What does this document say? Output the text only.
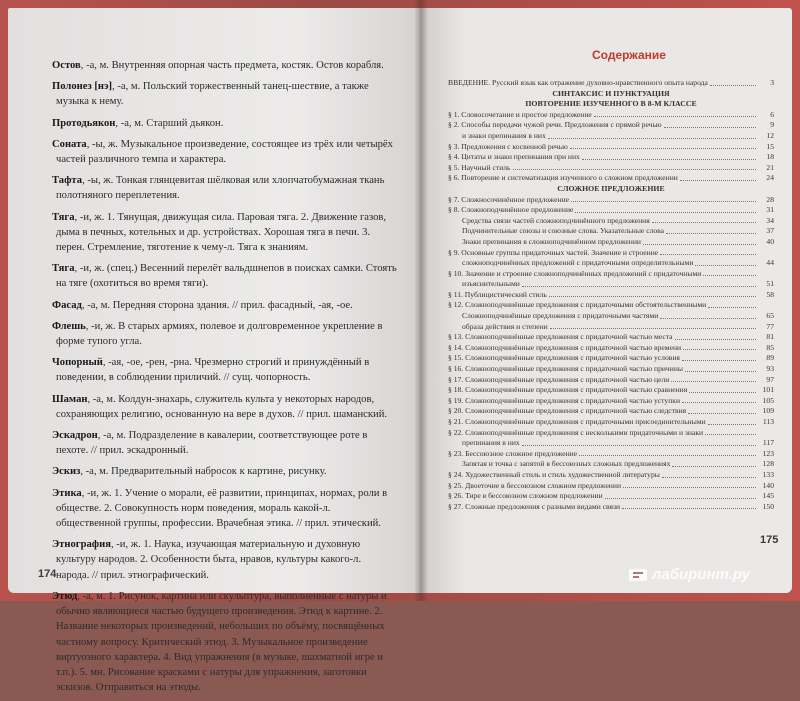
Остов, -а, м. Внутренняя опорная часть предмета, костяк. Остов корабля.
Полонез [нэ], -а, м. Польский торжественный танец-шествие, а также музыка к нему.
Протодьякон, -а, м. Старший дьякон.
Соната, -ы, ж. Музыкальное произведение, состоящее из трёх или четырёх частей различного темпа и характера.
Тафта, -ы, ж. Тонкая глянцевитая шёлковая или хлопчатобумажная ткань полотняного переплетения.
Тяга, -и, ж. 1. Тянущая, движущая сила. Паровая тяга. 2. Движение газов, дыма в печных, котельных и др. устройствах. Хорошая тяга в печи. 3. перен. Стремление, тяготение к чему-л. Тяга к знаниям.
Тяга, -и, ж. (спец.) Весенний перелёт вальдшнепов в поисках самки. Стоять на тяге (охотиться во время тяги).
Фасад, -а, м. Передняя сторона здания. // прил. фасадный, -ая, -ое.
Флешь, -и, ж. В старых армиях, полевое и долговременное укрепление в форме тупого угла.
Чопорный, -ая, -ое, -рен, -рна. Чрезмерно строгий и принуждённый в поведении, в соблюдении приличий. // сущ. чопорность.
Шаман, -а, м. Колдун-знахарь, служитель культа у некоторых народов, сохраняющих религию, основанную на вере в духов. // прил. шаманский.
Эскадрон, -а, м. Подразделение в кавалерии, соответствующее роте в пехоте. // прил. эскадронный.
Эскиз, -а, м. Предварительный набросок к картине, рисунку.
Этика, -и, ж. 1. Учение о морали, её развитии, принципах, нормах, роли в обществе. 2. Совокупность норм поведения, мораль какой-л. общественной группы, профессии. Врачебная этика. // прил. этический.
Этнография, -и, ж. 1. Наука, изучающая материальную и духовную культуру народов. 2. Особенности быта, нравов, культуры какого-л. народа. // прил. этнографический.
Этюд, -а, м. 1. Рисунок, картина или скульптура, выполненные с натуры и обычно являющиеся частью будущего произведения. Этюд к картине. 2. Название некоторых произведений, небольших по объёму, посвящённых частному вопросу. Критический этюд. 3. Музыкальное произведение виртуозного характера. 4. Вид упражнения (в музыке, шахматной игре и т.п.). 5. мн. Рисование красками с натуры для упражнения, заготовки эскизов. Отправиться на этюды.
174
Содержание
ВВЕДЕНИЕ. Русский язык как отражение духовно-нравственного опыта народа	3
СИНТАКСИС И ПУНКТУАЦИЯ
ПОВТОРЕНИЕ ИЗУЧЕННОГО В 8-М КЛАССЕ
§ 1. Словосочетание и простое предложение	6
§ 2. Способы передачи чужой речи. Предложения с прямой речью	9
и знаки препинания в них	12
§ 3. Предложения с косвенной речью	15
§ 4. Цитаты и знаки препинания при них	18
§ 5. Научный стиль	21
§ 6. Повторение и систематизация изученного о сложном предложении	24
СЛОЖНОЕ ПРЕДЛОЖЕНИЕ
§ 7. Сложносочинённое предложение	28
§ 8. Сложноподчинённое предложение	31
Средства связи частей сложноподчинённого предложения	34
Подчинительные союзы и союзные слова. Указательные слова	37
Знаки препинания в сложноподчинённом предложении	40
§ 9. Основные группы придаточных частей. Значение и строение
сложноподчинённых предложений с придаточными определительными	44
§ 10. Значение и строение сложноподчинённых предложений с придаточными
изъяснительными	51
§ 11. Публицистический стиль	58
§ 12. Сложноподчинённые предложения с придаточными обстоятельственными
Сложноподчинённые предложения с придаточными частями	65
образа действия и степени	77
§ 13. Сложноподчинённые предложения с придаточной частью места	81
§ 14. Сложноподчинённые предложения с придаточной частью времени	85
§ 15. Сложноподчинённые предложения с придаточной частью условия	89
§ 16. Сложноподчинённые предложения с придаточной частью причины	93
§ 17. Сложноподчинённые предложения с придаточной частью цели	97
§ 18. Сложноподчинённые предложения с придаточной частью сравнения	101
§ 19. Сложноподчинённые предложения с придаточной частью уступки	105
§ 20. Сложноподчинённые предложения с придаточной частью следствия	109
§ 21. Сложноподчинённые предложения с придаточными присоединительными	113
§ 22. Сложноподчинённые предложения с несколькими придаточными и знаки
препинания в них	117
§ 23. Бессоюзное сложное предложение	123
Запятая и точка с запятой в бессоюзных сложных предложениях	128
§ 24. Художественный стиль и стиль художественной литературы	133
§ 25. Двоеточие в бессоюзном сложном предложении	140
§ 26. Тире в бессоюзном сложном предложении	145
§ 27. Сложные предложения с разными видами связи	150
175
лабиринт.ру
